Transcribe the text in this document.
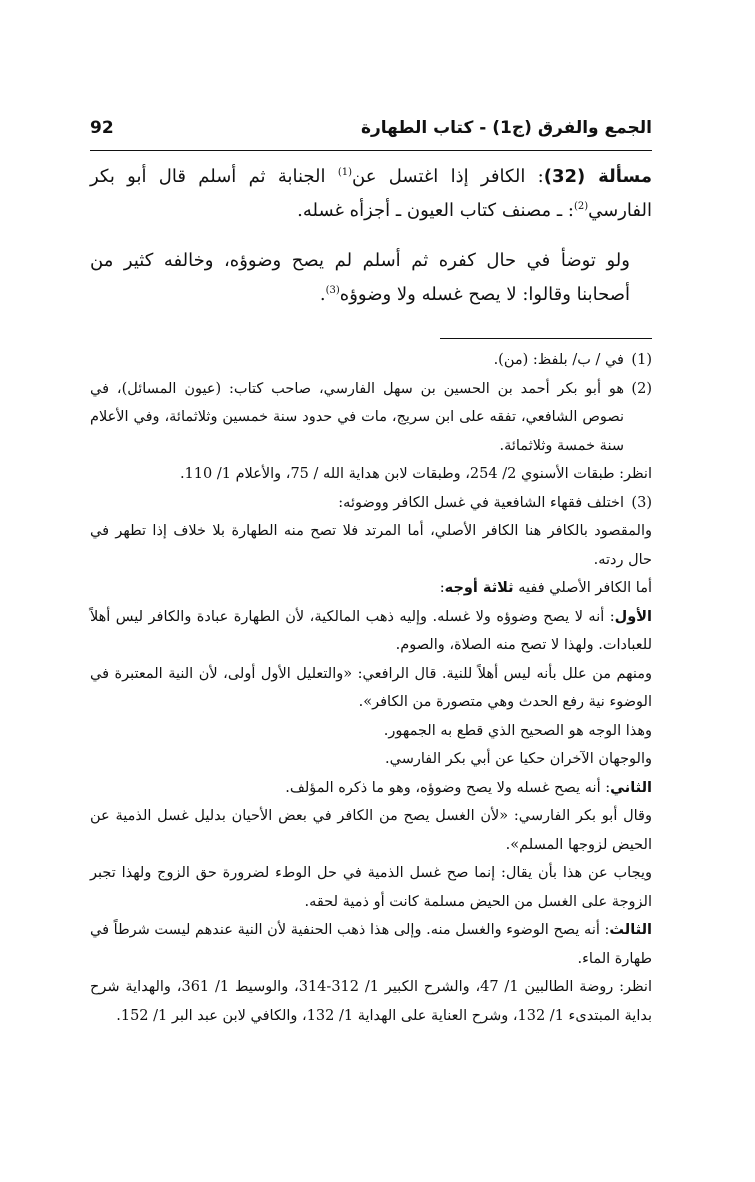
الجمع والفرق (ج1) - كتاب الطهارة
92

مسألة (32): الكافر إذا اغتسل عن$^{(1)}$ الجنابة ثم أسلم قال أبو بكر الفارسي$^{(2)}$: ـ مصنف كتاب العيون ـ أجزأه غسله.

ولو توضأ في حال كفره ثم أسلم لم يصح وضوؤه، وخالفه كثير من أصحابنا وقالوا: لا يصح غسله ولا وضوؤه$^{(3)}$.

(1)

في / ب/ بلفظ: (من).

(2)

هو أبو بكر أحمد بن الحسين بن سهل الفارسي، صاحب كتاب: (عيون المسائل)، في نصوص الشافعي، تفقه على ابن سريج، مات في حدود سنة خمسين وثلاثمائة، وفي الأعلام سنة خمسة وثلاثمائة.

انظر: طبقات الأسنوي 2/ 254، وطبقات لابن هداية الله / 75، والأعلام 1/ 110.

(3)

اختلف فقهاء الشافعية في غسل الكافر ووضوئه:

والمقصود بالكافر هنا الكافر الأصلي، أما المرتد فلا تصح منه الطهارة بلا خلاف إذا تطهر في حال ردته.

أما الكافر الأصلي ففيه ثلاثة أوجه:

الأول: أنه لا يصح وضوؤه ولا غسله. وإليه ذهب المالكية، لأن الطهارة عبادة والكافر ليس أهلاً للعبادات. ولهذا لا تصح منه الصلاة، والصوم.

ومنهم من علل بأنه ليس أهلاً للنية. قال الرافعي: «والتعليل الأول أولى، لأن النية المعتبرة في الوضوء نية رفع الحدث وهي متصورة من الكافر».

وهذا الوجه هو الصحيح الذي قطع به الجمهور.

والوجهان الآخران حكيا عن أبي بكر الفارسي.

الثاني: أنه يصح غسله ولا يصح وضوؤه، وهو ما ذكره المؤلف.

وقال أبو بكر الفارسي: «لأن الغسل يصح من الكافر في بعض الأحيان بدليل غسل الذمية عن الحيض لزوجها المسلم».

ويجاب عن هذا بأن يقال: إنما صح غسل الذمية في حل الوطء لضرورة حق الزوج ولهذا تجبر الزوجة على الغسل من الحيض مسلمة كانت أو ذمية لحقه.

الثالث: أنه يصح الوضوء والغسل منه. وإلى هذا ذهب الحنفية لأن النية عندهم ليست شرطاً في طهارة الماء.

انظر: روضة الطالبين 1/ 47، والشرح الكبير 1/ 312-314، والوسيط 1/ 361، والهداية شرح بداية المبتدىء 1/ 132، وشرح العناية على الهداية 1/ 132، والكافي لابن عبد البر 1/ 152.
